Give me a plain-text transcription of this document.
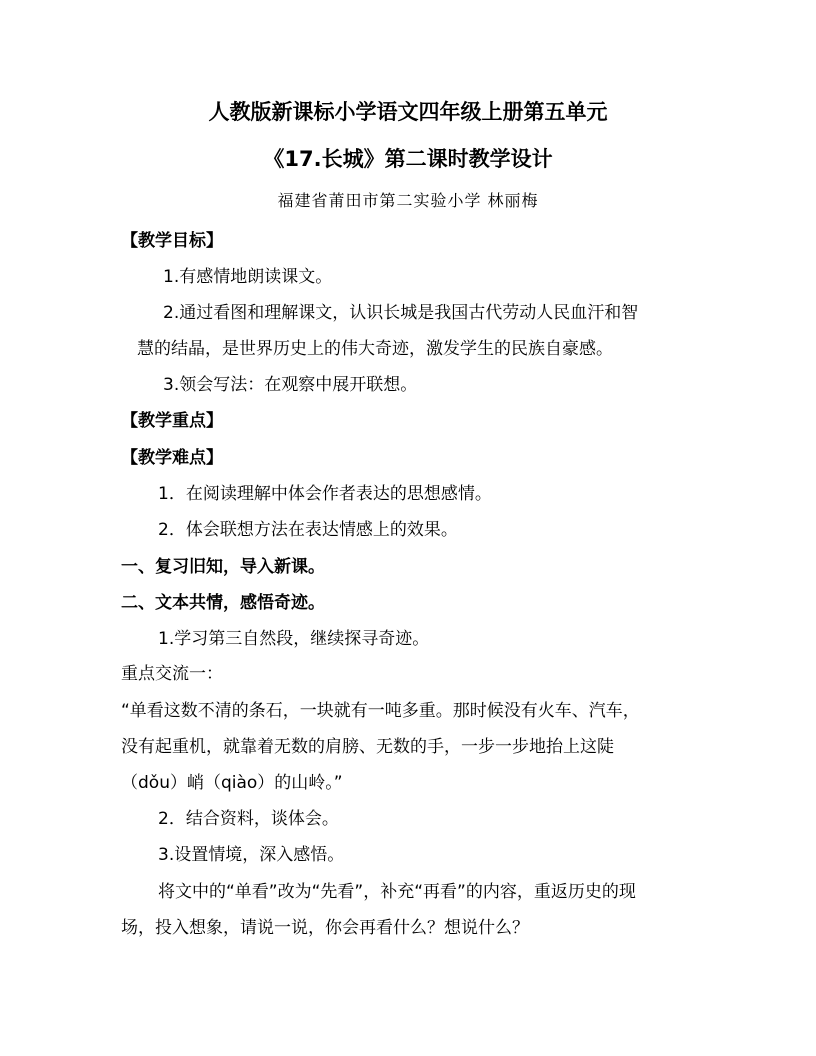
人教版新课标小学语文四年级上册第五单元
《17.长城》第二课时教学设计
福建省莆田市第二实验小学 林丽梅
【教学目标】
1.有感情地朗读课文。
2.通过看图和理解课文，认识长城是我国古代劳动人民血汗和智
慧的结晶，是世界历史上的伟大奇迹，激发学生的民族自豪感。
3.领会写法：在观察中展开联想。
【教学重点】
【教学难点】
1．在阅读理解中体会作者表达的思想感情。
2．体会联想方法在表达情感上的效果。
一、复习旧知，导入新课。
二、文本共情，感悟奇迹。
1.学习第三自然段，继续探寻奇迹。
重点交流一：
“单看这数不清的条石，一块就有一吨多重。那时候没有火车、汽车，
没有起重机，就靠着无数的肩膀、无数的手，一步一步地抬上这陡
（dǒu）峭（qiào）的山岭。”
2．结合资料，谈体会。
3.设置情境，深入感悟。
将文中的“单看”改为“先看”，补充“再看”的内容，重返历史的现
场，投入想象，请说一说，你会再看什么？想说什么？
